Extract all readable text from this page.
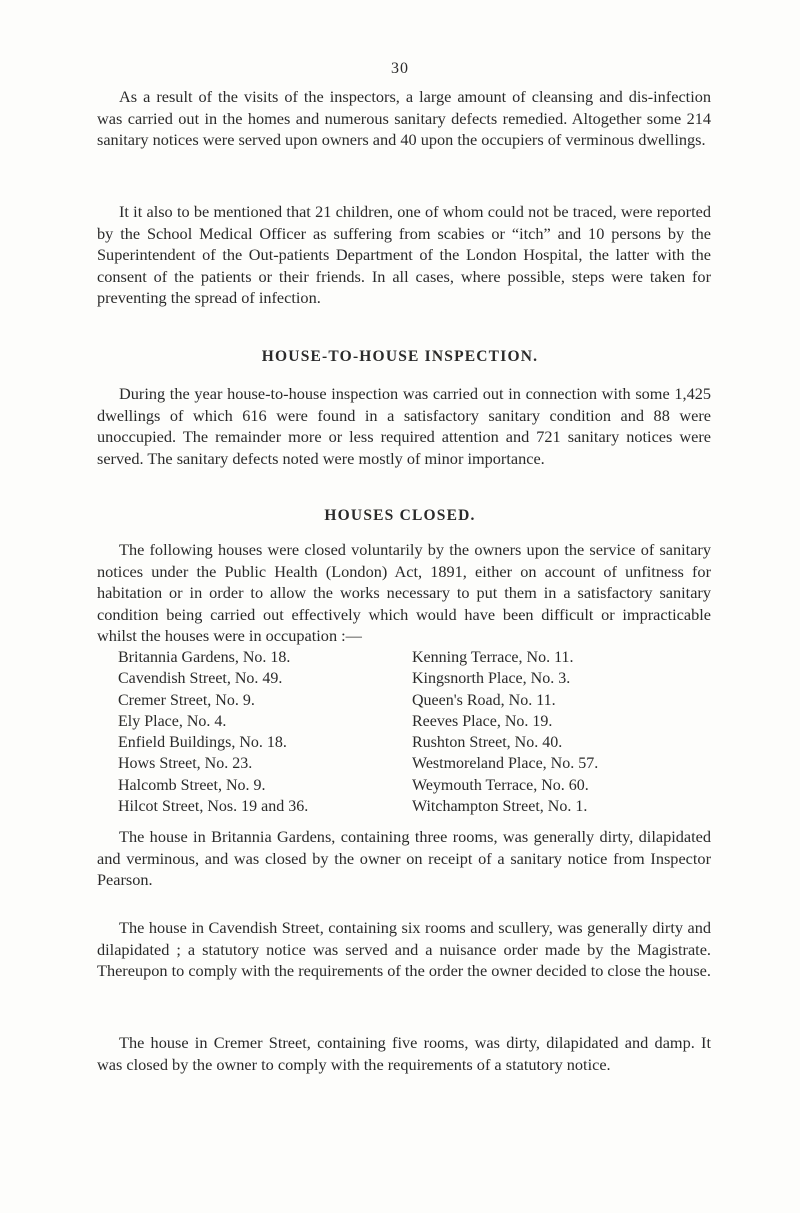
30

As a result of the visits of the inspectors, a large amount of cleansing and dis-infection was carried out in the homes and numerous sanitary defects remedied. Altogether some 214 sanitary notices were served upon owners and 40 upon the occupiers of verminous dwellings.

It it also to be mentioned that 21 children, one of whom could not be traced, were reported by the School Medical Officer as suffering from scabies or “itch” and 10 persons by the Superintendent of the Out-patients Department of the London Hospital, the latter with the consent of the patients or their friends. In all cases, where possible, steps were taken for preventing the spread of infection.

HOUSE-TO-HOUSE INSPECTION.

During the year house-to-house inspection was carried out in connection with some 1,425 dwellings of which 616 were found in a satisfactory sanitary condition and 88 were unoccupied. The remainder more or less required attention and 721 sanitary notices were served. The sanitary defects noted were mostly of minor importance.

HOUSES CLOSED.

The following houses were closed voluntarily by the owners upon the service of sanitary notices under the Public Health (London) Act, 1891, either on account of unfitness for habitation or in order to allow the works necessary to put them in a satisfactory sanitary condition being carried out effectively which would have been difficult or impracticable whilst the houses were in occupation :—

Britannia Gardens, No. 18.	Kenning Terrace, No. 11.
Cavendish Street, No. 49.	Kingsnorth Place, No. 3.
Cremer Street, No. 9.	Queen's Road, No. 11.
Ely Place, No. 4.	Reeves Place, No. 19.
Enfield Buildings, No. 18.	Rushton Street, No. 40.
Hows Street, No. 23.	Westmoreland Place, No. 57.
Halcomb Street, No. 9.	Weymouth Terrace, No. 60.
Hilcot Street, Nos. 19 and 36.	Witchampton Street, No. 1.

The house in Britannia Gardens, containing three rooms, was generally dirty, dilapidated and verminous, and was closed by the owner on receipt of a sanitary notice from Inspector Pearson.

The house in Cavendish Street, containing six rooms and scullery, was generally dirty and dilapidated ; a statutory notice was served and a nuisance order made by the Magistrate. Thereupon to comply with the requirements of the order the owner decided to close the house.

The house in Cremer Street, containing five rooms, was dirty, dilapidated and damp. It was closed by the owner to comply with the requirements of a statutory notice.
